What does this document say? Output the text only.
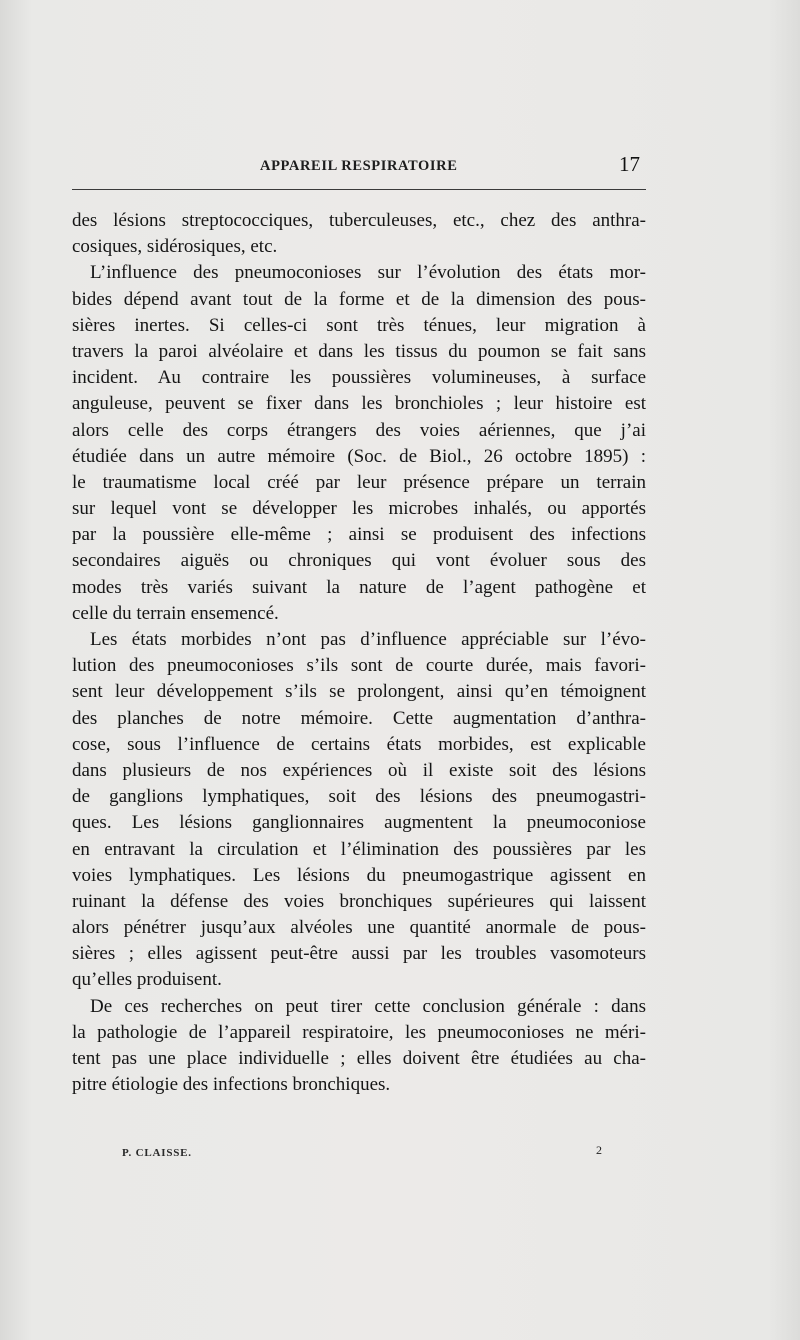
APPAREIL RESPIRATOIRE	17
des lésions streptococciques, tuberculeuses, etc., chez des anthra-
cosiques, sidérosiques, etc.
L’influence des pneumoconioses sur l’évolution des états mor-
bides dépend avant tout de la forme et de la dimension des pous-
sières inertes. Si celles-ci sont très ténues, leur migration à
travers la paroi alvéolaire et dans les tissus du poumon se fait sans
incident. Au contraire les poussières volumineuses, à surface
anguleuse, peuvent se fixer dans les bronchioles ; leur histoire est
alors celle des corps étrangers des voies aériennes, que j’ai
étudiée dans un autre mémoire (Soc. de Biol., 26 octobre 1895) :
le traumatisme local créé par leur présence prépare un terrain
sur lequel vont se développer les microbes inhalés, ou apportés
par la poussière elle-même ; ainsi se produisent des infections
secondaires aiguës ou chroniques qui vont évoluer sous des
modes très variés suivant la nature de l’agent pathogène et
celle du terrain ensemencé.
Les états morbides n’ont pas d’influence appréciable sur l’évo-
lution des pneumoconioses s’ils sont de courte durée, mais favori-
sent leur développement s’ils se prolongent, ainsi qu’en témoignent
des planches de notre mémoire. Cette augmentation d’anthra-
cose, sous l’influence de certains états morbides, est explicable
dans plusieurs de nos expériences où il existe soit des lésions
de ganglions lymphatiques, soit des lésions des pneumogastri-
ques. Les lésions ganglionnaires augmentent la pneumoconiose
en entravant la circulation et l’élimination des poussières par les
voies lymphatiques. Les lésions du pneumogastrique agissent en
ruinant la défense des voies bronchiques supérieures qui laissent
alors pénétrer jusqu’aux alvéoles une quantité anormale de pous-
sières ; elles agissent peut-être aussi par les troubles vasomoteurs
qu’elles produisent.
De ces recherches on peut tirer cette conclusion générale : dans
la pathologie de l’appareil respiratoire, les pneumoconioses ne méri-
tent pas une place individuelle ; elles doivent être étudiées au cha-
pitre étiologie des infections bronchiques.
P. CLAISSE.	2
